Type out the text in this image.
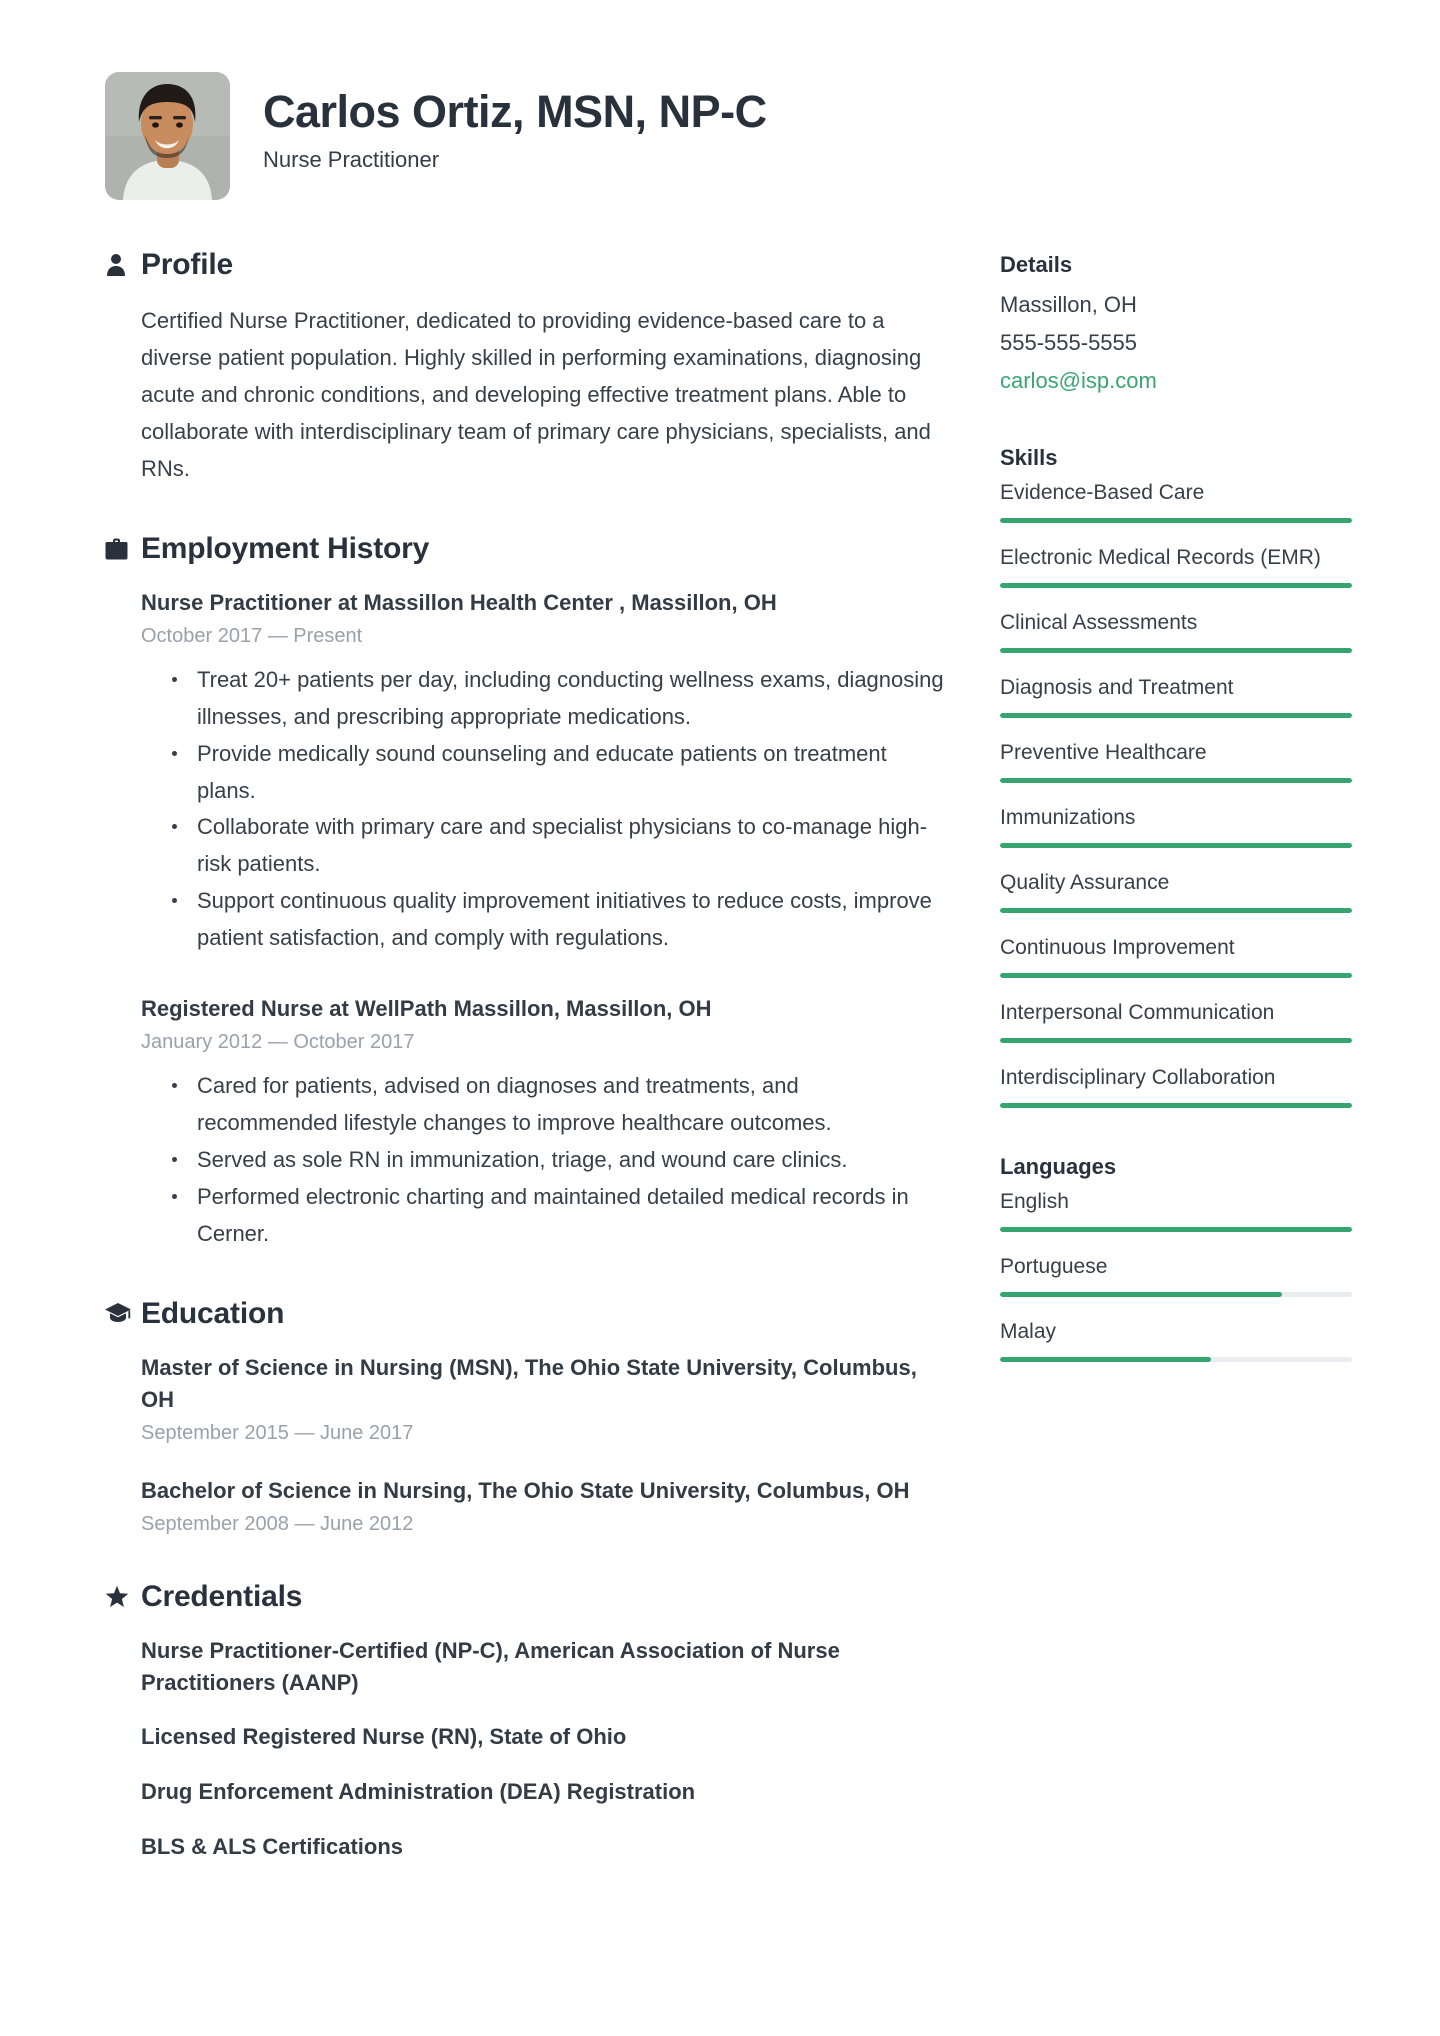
Carlos Ortiz, MSN, NP-C
Nurse Practitioner
Profile

Certified Nurse Practitioner, dedicated to providing evidence-based care to a diverse patient population. Highly skilled in performing examinations, diagnosing acute and chronic conditions, and developing effective treatment plans. Able to collaborate with interdisciplinary team of primary care physicians, specialists, and RNs.

Employment History
Nurse Practitioner at Massillon Health Center , Massillon, OH
October 2017 — Present
Treat 20+ patients per day, including conducting wellness exams, diagnosing illnesses, and prescribing appropriate medications.
Provide medically sound counseling and educate patients on treatment plans.
Collaborate with primary care and specialist physicians to co-manage high-risk patients.
Support continuous quality improvement initiatives to reduce costs, improve patient satisfaction, and comply with regulations.
Registered Nurse at WellPath Massillon, Massillon, OH
January 2012 — October 2017
Cared for patients, advised on diagnoses and treatments, and recommended lifestyle changes to improve healthcare outcomes.
Served as sole RN in immunization, triage, and wound care clinics.
Performed electronic charting and maintained detailed medical records in Cerner.
Education
Master of Science in Nursing (MSN), The Ohio State University, Columbus, OH
September 2015 — June 2017
Bachelor of Science in Nursing, The Ohio State University, Columbus, OH
September 2008 — June 2012
Credentials
Nurse Practitioner-Certified (NP-C), American Association of Nurse Practitioners (AANP)
Licensed Registered Nurse (RN), State of Ohio
Drug Enforcement Administration (DEA) Registration
BLS & ALS Certifications
Details
Massillon, OH
555-555-5555
carlos@isp.com
Skills
Evidence-Based Care
Electronic Medical Records (EMR)
Clinical Assessments
Diagnosis and Treatment
Preventive Healthcare
Immunizations
Quality Assurance
Continuous Improvement
Interpersonal Communication
Interdisciplinary Collaboration
Languages
English
Portuguese
Malay
